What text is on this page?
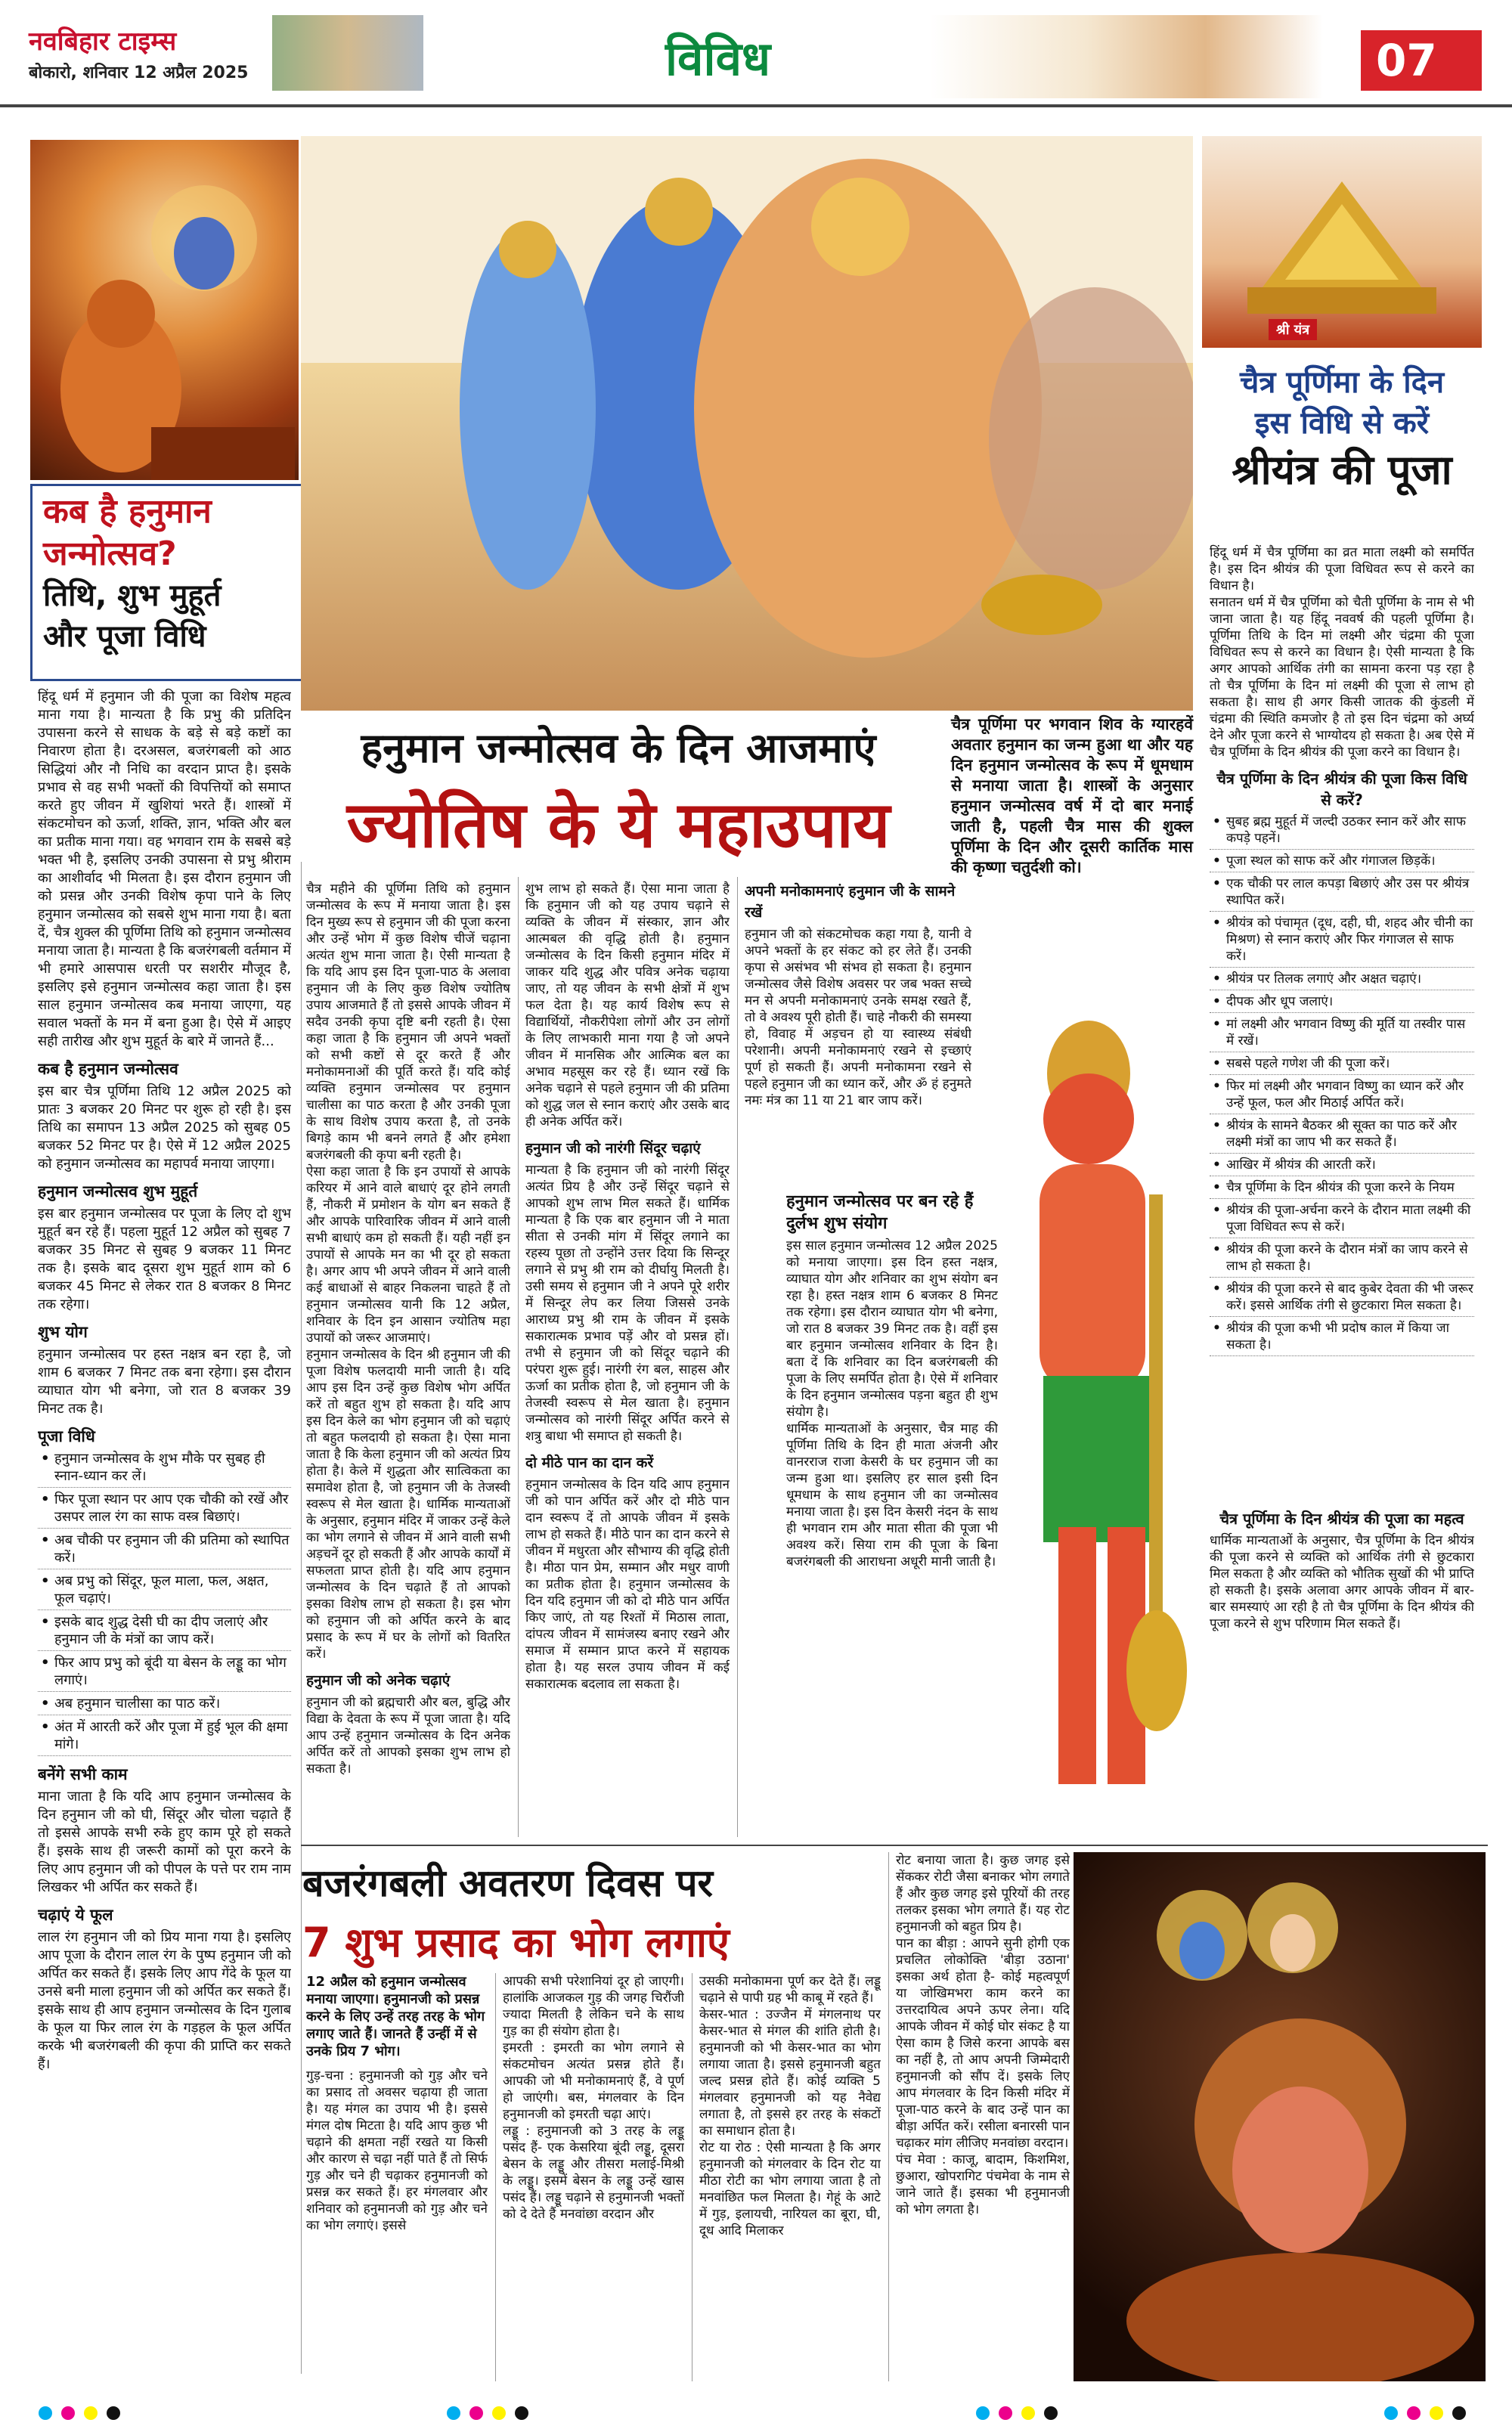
नवबिहार टाइम्स
बोकारो, शनिवार 12 अप्रैल 2025	विविध	07
कब है हनुमान
जन्मोत्सव?
तिथि, शुभ मुहूर्त
और पूजा विधि
हिंदू धर्म में हनुमान जी की पूजा का विशेष महत्व माना गया है। मान्यता है कि प्रभु की प्रतिदिन उपासना करने से साधक के बड़े से बड़े कष्टों का निवारण होता है। दरअसल, बजरंगबली को आठ सिद्धियां और नौ निधि का वरदान प्राप्त है। इसके प्रभाव से वह सभी भक्तों की विपत्तियों को समाप्त करते हुए जीवन में खुशियां भरते हैं। शास्त्रों में संकटमोचन को ऊर्जा, शक्ति, ज्ञान, भक्ति और बल का प्रतीक माना गया। वह भगवान राम के सबसे बड़े भक्त भी है, इसलिए उनकी उपासना से प्रभु श्रीराम का आशीर्वाद भी मिलता है। इस दौरान हनुमान जी को प्रसन्न और उनकी विशेष कृपा पाने के लिए हनुमान जन्मोत्सव को सबसे शुभ माना गया है। बता दें, चैत्र शुक्ल की पूर्णिमा तिथि को हनुमान जन्मोत्सव मनाया जाता है। मान्यता है कि बजरंगबली वर्तमान में भी हमारे आसपास धरती पर सशरीर मौजूद है, इसलिए इसे हनुमान जन्मोत्सव कहा जाता है। इस साल हनुमान जन्मोत्सव कब मनाया जाएगा, यह सवाल भक्तों के मन में बना हुआ है। ऐसे में आइए सही तारीख और शुभ मुहूर्त के बारे में जानते हैं...
कब है हनुमान जन्मोत्सव
इस बार चैत्र पूर्णिमा तिथि 12 अप्रैल 2025 को प्रातः 3 बजकर 20 मिनट पर शुरू हो रही है। इस तिथि का समापन 13 अप्रैल 2025 को सुबह 05 बजकर 52 मिनट पर है। ऐसे में 12 अप्रैल 2025 को हनुमान जन्मोत्सव का महापर्व मनाया जाएगा।
हनुमान जन्मोत्सव शुभ मुहूर्त
इस बार हनुमान जन्मोत्सव पर पूजा के लिए दो शुभ मुहूर्त बन रहे हैं। पहला मुहूर्त 12 अप्रैल को सुबह 7 बजकर 35 मिनट से सुबह 9 बजकर 11 मिनट तक है। इसके बाद दूसरा शुभ मुहूर्त शाम को 6 बजकर 45 मिनट से लेकर रात 8 बजकर 8 मिनट तक रहेगा।
शुभ योग
हनुमान जन्मोत्सव पर हस्त नक्षत्र बन रहा है, जो शाम 6 बजकर 7 मिनट तक बना रहेगा। इस दौरान व्याघात योग भी बनेगा, जो रात 8 बजकर 39 मिनट तक है।
पूजा विधि
• हनुमान जन्मोत्सव के शुभ मौके पर सुबह ही स्नान-ध्यान कर लें।
• फिर पूजा स्थान पर आप एक चौकी को रखें और उसपर लाल रंग का साफ वस्त्र बिछाएं।
• अब चौकी पर हनुमान जी की प्रतिमा को स्थापित करें।
• अब प्रभु को सिंदूर, फूल माला, फल, अक्षत, फूल चढ़ाएं।
• इसके बाद शुद्ध देसी घी का दीप जलाएं और हनुमान जी के मंत्रों का जाप करें।
• फिर आप प्रभु को बूंदी या बेसन के लड्डू का भोग लगाएं।
• अब हनुमान चालीसा का पाठ करें।
• अंत में आरती करें और पूजा में हुई भूल की क्षमा मांगे।
बनेंगे सभी काम
माना जाता है कि यदि आप हनुमान जन्मोत्सव के दिन हनुमान जी को घी, सिंदूर और चोला चढ़ाते हैं तो इससे आपके सभी रुके हुए काम पूरे हो सकते हैं। इसके साथ ही जरूरी कामों को पूरा करने के लिए आप हनुमान जी को पीपल के पत्ते पर राम नाम लिखकर भी अर्पित कर सकते हैं।
चढ़ाएं ये फूल
लाल रंग हनुमान जी को प्रिय माना गया है। इसलिए आप पूजा के दौरान लाल रंग के पुष्प हनुमान जी को अर्पित कर सकते हैं। इसके लिए आप गेंदे के फूल या उनसे बनी माला हनुमान जी को अर्पित कर सकते हैं। इसके साथ ही आप हनुमान जन्मोत्सव के दिन गुलाब के फूल या फिर लाल रंग के गड़हल के फूल अर्पित करके भी बजरंगबली की कृपा की प्राप्ति कर सकते हैं।
हनुमान जन्मोत्सव के दिन आजमाएं
ज्योतिष के ये महाउपाय
चैत्र पूर्णिमा पर भगवान शिव के ग्यारहवें अवतार हनुमान का जन्म हुआ था और यह दिन हनुमान जन्मोत्सव के रूप में धूमधाम से मनाया जाता है। शास्त्रों के अनुसार हनुमान जन्मोत्सव वर्ष में दो बार मनाई जाती है, पहली चैत्र मास की शुक्ल पूर्णिमा के दिन और दूसरी कार्तिक मास की कृष्णा चतुर्दशी को।
चैत्र महीने की पूर्णिमा तिथि को हनुमान जन्मोत्सव के रूप में मनाया जाता है। इस दिन मुख्य रूप से हनुमान जी की पूजा करना और उन्हें भोग में कुछ विशेष चीजें चढ़ाना अत्यंत शुभ माना जाता है। ऐसी मान्यता है कि यदि आप इस दिन पूजा-पाठ के अलावा हनुमान जी के लिए कुछ विशेष ज्योतिष उपाय आजमाते हैं तो इससे आपके जीवन में सदैव उनकी कृपा दृष्टि बनी रहती है। ऐसा कहा जाता है कि हनुमान जी अपने भक्तों को सभी कष्टों से दूर करते हैं और मनोकामनाओं की पूर्ति करते हैं। यदि कोई व्यक्ति हनुमान जन्मोत्सव पर हनुमान चालीसा का पाठ करता है और उनकी पूजा के साथ विशेष उपाय करता है, तो उनके बिगड़े काम भी बनने लगते हैं और हमेशा बजरंगबली की कृपा बनी रहती है।
ऐसा कहा जाता है कि इन उपायों से आपके करियर में आने वाले बाधाएं दूर होने लगती हैं, नौकरी में प्रमोशन के योग बन सकते हैं और आपके पारिवारिक जीवन में आने वाली सभी बाधाएं कम हो सकती हैं। यही नहीं इन उपायों से आपके मन का भी दूर हो सकता है। अगर आप भी अपने जीवन में आने वाली कई बाधाओं से बाहर निकलना चाहते हैं तो हनुमान जन्मोत्सव यानी कि 12 अप्रैल, शनिवार के दिन इन आसान ज्योतिष महा उपायों को जरूर आजमाएं।
हनुमान जन्मोत्सव के दिन श्री हनुमान जी की पूजा विशेष फलदायी मानी जाती है। यदि आप इस दिन उन्हें कुछ विशेष भोग अर्पित करें तो बहुत शुभ हो सकता है। यदि आप इस दिन केले का भोग हनुमान जी को चढ़ाएं तो बहुत फलदायी हो सकता है। ऐसा माना जाता है कि केला हनुमान जी को अत्यंत प्रिय होता है। केले में शुद्धता और सात्विकता का समावेश होता है, जो हनुमान जी के तेजस्वी स्वरूप से मेल खाता है। धार्मिक मान्यताओं के अनुसार, हनुमान मंदिर में जाकर उन्हें केले का भोग लगाने से जीवन में आने वाली सभी अड़चनें दूर हो सकती हैं और आपके कार्यों में सफलता प्राप्त होती है। यदि आप हनुमान जन्मोत्सव के दिन चढ़ाते हैं तो आपको इसका विशेष लाभ हो सकता है। इस भोग को हनुमान जी को अर्पित करने के बाद प्रसाद के रूप में घर के लोगों को वितरित करें।
हनुमान जी को अनेक चढ़ाएं
हनुमान जी को ब्रह्मचारी और बल, बुद्धि और विद्या के देवता के रूप में पूजा जाता है। यदि आप उन्हें हनुमान जन्मोत्सव के दिन अनेक अर्पित करें तो आपको इसका शुभ लाभ हो सकता है।
शुभ लाभ हो सकते हैं। ऐसा माना जाता है कि हनुमान जी को यह उपाय चढ़ाने से व्यक्ति के जीवन में संस्कार, ज्ञान और आत्मबल की वृद्धि होती है। हनुमान जन्मोत्सव के दिन किसी हनुमान मंदिर में जाकर यदि शुद्ध और पवित्र अनेक चढ़ाया जाए, तो यह जीवन के सभी क्षेत्रों में शुभ फल देता है। यह कार्य विशेष रूप से विद्यार्थियों, नौकरीपेशा लोगों और उन लोगों के लिए लाभकारी माना गया है जो अपने जीवन में मानसिक और आत्मिक बल का अभाव महसूस कर रहे हैं। ध्यान रखें कि अनेक चढ़ाने से पहले हनुमान जी की प्रतिमा को शुद्ध जल से स्नान कराएं और उसके बाद ही अनेक अर्पित करें।
हनुमान जी को नारंगी सिंदूर चढ़ाएं
मान्यता है कि हनुमान जी को नारंगी सिंदूर अत्यंत प्रिय है और उन्हें सिंदूर चढ़ाने से आपको शुभ लाभ मिल सकते हैं। धार्मिक मान्यता है कि एक बार हनुमान जी ने माता सीता से उनकी मांग में सिंदूर लगाने का रहस्य पूछा तो उन्होंने उत्तर दिया कि सिन्दूर लगाने से प्रभु श्री राम को दीर्घायु मिलती है। उसी समय से हनुमान जी ने अपने पूरे शरीर में सिन्दूर लेप कर लिया जिससे उनके आराध्य प्रभु श्री राम के जीवन में इसके सकारात्मक प्रभाव पड़ें और वो प्रसन्न हों। तभी से हनुमान जी को सिंदूर चढ़ाने की परंपरा शुरू हुई। नारंगी रंग बल, साहस और ऊर्जा का प्रतीक होता है, जो हनुमान जी के तेजस्वी स्वरूप से मेल खाता है। हनुमान जन्मोत्सव को नारंगी सिंदूर अर्पित करने से शत्रु बाधा भी समाप्त हो सकती है।
दो मीठे पान का दान करें
हनुमान जन्मोत्सव के दिन यदि आप हनुमान जी को पान अर्पित करें और दो मीठे पान दान स्वरूप दें तो आपके जीवन में इसके लाभ हो सकते हैं। मीठे पान का दान करने से जीवन में मधुरता और सौभाग्य की वृद्धि होती है। मीठा पान प्रेम, सम्मान और मधुर वाणी का प्रतीक होता है। हनुमान जन्मोत्सव के दिन यदि हनुमान जी को दो मीठे पान अर्पित किए जाएं, तो यह रिश्तों में मिठास लाता, दांपत्य जीवन में सामंजस्य बनाए रखने और समाज में सम्मान प्राप्त करने में सहायक होता है। यह सरल उपाय जीवन में कई सकारात्मक बदलाव ला सकता है।
अपनी मनोकामनाएं हनुमान जी के सामने रखें
हनुमान जी को संकटमोचक कहा गया है, यानी वे अपने भक्तों के हर संकट को हर लेते हैं। उनकी कृपा से असंभव भी संभव हो सकता है। हनुमान जन्मोत्सव जैसे विशेष अवसर पर जब भक्त सच्चे मन से अपनी मनोकामनाएं उनके समक्ष रखते हैं, तो वे अवश्य पूरी होती हैं। चाहे नौकरी की समस्या हो, विवाह में अड़चन हो या स्वास्थ्य संबंधी परेशानी। अपनी मनोकामनाएं रखने से इच्छाएं पूर्ण हो सकती हैं। अपनी मनोकामना रखने से पहले हनुमान जी का ध्यान करें, और ॐ हं हनुमते नमः मंत्र का 11 या 21 बार जाप करें।
हनुमान जन्मोत्सव पर बन रहे हैं दुर्लभ शुभ संयोग
इस साल हनुमान जन्मोत्सव 12 अप्रैल 2025 को मनाया जाएगा। इस दिन हस्त नक्षत्र, व्याघात योग और शनिवार का शुभ संयोग बन रहा है। हस्त नक्षत्र शाम 6 बजकर 8 मिनट तक रहेगा। इस दौरान व्याघात योग भी बनेगा, जो रात 8 बजकर 39 मिनट तक है। वहीं इस बार हनुमान जन्मोत्सव शनिवार के दिन है। बता दें कि शनिवार का दिन बजरंगबली की पूजा के लिए समर्पित होता है। ऐसे में शनिवार के दिन हनुमान जन्मोत्सव पड़ना बहुत ही शुभ संयोग है।
धार्मिक मान्यताओं के अनुसार, चैत्र माह की पूर्णिमा तिथि के दिन ही माता अंजनी और वानरराज राजा केसरी के घर हनुमान जी का जन्म हुआ था। इसलिए हर साल इसी दिन धूमधाम के साथ हनुमान जी का जन्मोत्सव मनाया जाता है। इस दिन केसरी नंदन के साथ ही भगवान राम और माता सीता की पूजा भी अवश्य करें। सिया राम की पूजा के बिना बजरंगबली की आराधना अधूरी मानी जाती है।
श्री यंत्र
चैत्र पूर्णिमा के दिन
इस विधि से करें
श्रीयंत्र की पूजा
हिंदू धर्म में चैत्र पूर्णिमा का व्रत माता लक्ष्मी को समर्पित है। इस दिन श्रीयंत्र की पूजा विधिवत रूप से करने का विधान है।
सनातन धर्म में चैत्र पूर्णिमा को चैती पूर्णिमा के नाम से भी जाना जाता है। यह हिंदू नववर्ष की पहली पूर्णिमा है। पूर्णिमा तिथि के दिन मां लक्ष्मी और चंद्रमा की पूजा विधिवत रूप से करने का विधान है। ऐसी मान्यता है कि अगर आपको आर्थिक तंगी का सामना करना पड़ रहा है तो चैत्र पूर्णिमा के दिन मां लक्ष्मी की पूजा से लाभ हो सकता है। साथ ही अगर किसी जातक की कुंडली में चंद्रमा की स्थिति कमजोर है तो इस दिन चंद्रमा को अर्घ्य देने और पूजा करने से भाग्योदय हो सकता है। अब ऐसे में चैत्र पूर्णिमा के दिन श्रीयंत्र की पूजा करने का विधान है।
चैत्र पूर्णिमा के दिन श्रीयंत्र की पूजा किस विधि से करें?
• सुबह ब्रह्म मुहूर्त में जल्दी उठकर स्नान करें और साफ कपड़े पहनें।
• पूजा स्थल को साफ करें और गंगाजल छिड़कें।
• एक चौकी पर लाल कपड़ा बिछाएं और उस पर श्रीयंत्र स्थापित करें।
• श्रीयंत्र को पंचामृत (दूध, दही, घी, शहद और चीनी का मिश्रण) से स्नान कराएं और फिर गंगाजल से साफ करें।
• श्रीयंत्र पर तिलक लगाएं और अक्षत चढ़ाएं।
• दीपक और धूप जलाएं।
• मां लक्ष्मी और भगवान विष्णु की मूर्ति या तस्वीर पास में रखें।
• सबसे पहले गणेश जी की पूजा करें।
• फिर मां लक्ष्मी और भगवान विष्णु का ध्यान करें और उन्हें फूल, फल और मिठाई अर्पित करें।
• श्रीयंत्र के सामने बैठकर श्री सूक्त का पाठ करें और लक्ष्मी मंत्रों का जाप भी कर सकते हैं।
• आखिर में श्रीयंत्र की आरती करें।
• चैत्र पूर्णिमा के दिन श्रीयंत्र की पूजा करने के नियम
• श्रीयंत्र की पूजा-अर्चना करने के दौरान माता लक्ष्मी की पूजा विधिवत रूप से करें।
• श्रीयंत्र की पूजा करने के दौरान मंत्रों का जाप करने से लाभ हो सकता है।
• श्रीयंत्र की पूजा करने से बाद कुबेर देवता की भी जरूर करें। इससे आर्थिक तंगी से छुटकारा मिल सकता है।
• श्रीयंत्र की पूजा कभी भी प्रदोष काल में किया जा सकता है।
चैत्र पूर्णिमा के दिन श्रीयंत्र की पूजा का महत्व
धार्मिक मान्यताओं के अनुसार, चैत्र पूर्णिमा के दिन श्रीयंत्र की पूजा करने से व्यक्ति को आर्थिक तंगी से छुटकारा मिल सकता है और व्यक्ति को भौतिक सुखों की भी प्राप्ति हो सकती है। इसके अलावा अगर आपके जीवन में बार-बार समस्याएं आ रही है तो चैत्र पूर्णिमा के दिन श्रीयंत्र की पूजा करने से शुभ परिणाम मिल सकते हैं।
बजरंगबली अवतरण दिवस पर
7 शुभ प्रसाद का भोग लगाएं
12 अप्रैल को हनुमान जन्मोत्सव मनाया जाएगा। हनुमानजी को प्रसन्न करने के लिए उन्हें तरह तरह के भोग लगाए जाते हैं। जानते हैं उन्हीं में से उनके प्रिय 7 भोग।
गुड़-चना : हनुमानजी को गुड़ और चने का प्रसाद तो अवसर चढ़ाया ही जाता है। यह मंगल का उपाय भी है। इससे मंगल दोष मिटता है। यदि आप कुछ भी चढ़ाने की क्षमता नहीं रखते या किसी और कारण से चढ़ा नहीं पाते हैं तो सिर्फ गुड़ और चने ही चढ़ाकर हनुमानजी को प्रसन्न कर सकते हैं। हर मंगलवार और शनिवार को हनुमानजी को गुड़ और चने का भोग लगाएं। इससे
आपकी सभी परेशानियां दूर हो जाएगी। हालांकि आजकल गुड़ की जगह चिरौंजी ज्यादा मिलती है लेकिन चने के साथ गुड़ का ही संयोग होता है।
इमरती : इमरती का भोग लगाने से संकटमोचन अत्यंत प्रसन्न होते हैं। आपकी जो भी मनोकामनाएं हैं, वे पूर्ण हो जाएंगी। बस, मंगलवार के दिन हनुमानजी को इमरती चढ़ा आएं।
लड्डू : हनुमानजी को 3 तरह के लड्डू पसंद हैं- एक केसरिया बूंदी लड्डू, दूसरा बेसन के लड्डू और तीसरा मलाई-मिश्री के लड्डू। इसमें बेसन के लड्डू उन्हें खास पसंद हैं। लड्डू चढ़ाने से हनुमानजी भक्तों को दे देते हैं मनवांछा वरदान और
उसकी मनोकामना पूर्ण कर देते हैं। लड्डू चढ़ाने से पापी ग्रह भी काबू में रहते हैं।
केसर-भात : उज्जैन में मंगलनाथ पर केसर-भात से मंगल की शांति होती है। हनुमानजी को भी केसर-भात का भोग लगाया जाता है। इससे हनुमानजी बहुत जल्द प्रसन्न होते हैं। कोई व्यक्ति 5 मंगलवार हनुमानजी को यह नैवेद्य लगाता है, तो इससे हर तरह के संकटों का समाधान होता है।
रोट या रोठ : ऐसी मान्यता है कि अगर हनुमानजी को मंगलवार के दिन रोट या मीठा रोटी का भोग लगाया जाता है तो मनवांछित फल मिलता है। गेहूं के आटे में गुड़, इलायची, नारियल का बूरा, घी, दूध आदि मिलाकर
रोट बनाया जाता है। कुछ जगह इसे सेंककर रोटी जैसा बनाकर भोग लगाते हैं और कुछ जगह इसे पूरियों की तरह तलकर इसका भोग लगाते हैं। यह रोट हनुमानजी को बहुत प्रिय है।
पान का बीड़ा : आपने सुनी होगी एक प्रचलित लोकोक्ति 'बीड़ा उठाना' इसका अर्थ होता है- कोई महत्वपूर्ण या जोखिमभरा काम करने का उत्तरदायित्व अपने ऊपर लेना। यदि आपके जीवन में कोई घोर संकट है या ऐसा काम है जिसे करना आपके बस का नहीं है, तो आप अपनी जिम्मेदारी हनुमानजी को सौंप दें। इसके लिए आप मंगलवार के दिन किसी मंदिर में पूजा-पाठ करने के बाद उन्हें पान का बीड़ा अर्पित करें। रसीला बनारसी पान चढ़ाकर मांग लीजिए मनवांछा वरदान।
पंच मेवा : काजू, बादाम, किशमिश, छुआरा, खोपरागिट पंचमेवा के नाम से जाने जाते हैं। इसका भी हनुमानजी को भोग लगता है।
